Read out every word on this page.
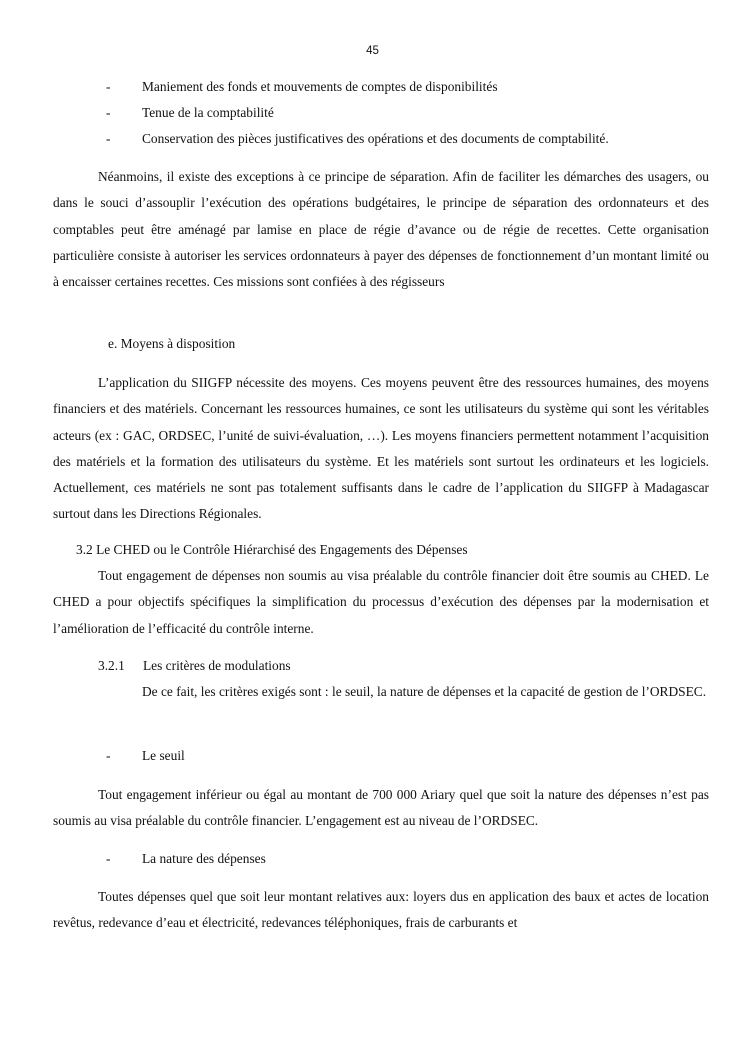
45
- Maniement des fonds et mouvements de comptes de disponibilités
- Tenue de la comptabilité
- Conservation des pièces justificatives des opérations et des documents de comptabilité.

Néanmoins, il existe des exceptions à ce principe de séparation. Afin de faciliter les démarches des usagers, ou dans le souci d’assouplir l’exécution des opérations budgétaires, le principe de séparation des ordonnateurs et des comptables peut être aménagé par lamise en place de régie d’avance ou de régie de recettes. Cette organisation particulière consiste à autoriser les services ordonnateurs à payer des dépenses de fonctionnement d’un montant limité ou à encaisser certaines recettes. Ces missions sont confiées à des régisseurs

e. Moyens à disposition

L’application du SIIGFP nécessite des moyens. Ces moyens peuvent être des ressources humaines, des moyens financiers et des matériels. Concernant les ressources humaines, ce sont les utilisateurs du système qui sont les véritables acteurs (ex : GAC, ORDSEC, l’unité de suivi-évaluation, …). Les moyens financiers permettent notamment l’acquisition des matériels et la formation des utilisateurs du système. Et les matériels sont surtout les ordinateurs et les logiciels. Actuellement, ces matériels ne sont pas totalement suffisants dans le cadre de l’application du SIIGFP à Madagascar surtout dans les Directions Régionales.

3.2 Le CHED ou le Contrôle Hiérarchisé des Engagements des Dépenses

Tout engagement de dépenses non soumis au visa préalable du contrôle financier doit être soumis au CHED. Le CHED a pour objectifs spécifiques la simplification du processus d’exécution des dépenses par la modernisation et l’amélioration de l’efficacité du contrôle interne.

3.2.1 Les critères de modulations

De ce fait, les critères exigés sont : le seuil, la nature de dépenses et la capacité de gestion de l’ORDSEC.

- Le seuil

Tout engagement inférieur ou égal au montant de 700 000 Ariary quel que soit la nature des dépenses n’est pas soumis au visa préalable du contrôle financier. L’engagement est au niveau de l’ORDSEC.

- La nature des dépenses

Toutes dépenses quel que soit leur montant relatives aux: loyers dus en application des baux et actes de location revêtus, redevance d’eau et électricité, redevances téléphoniques, frais de carburants et
